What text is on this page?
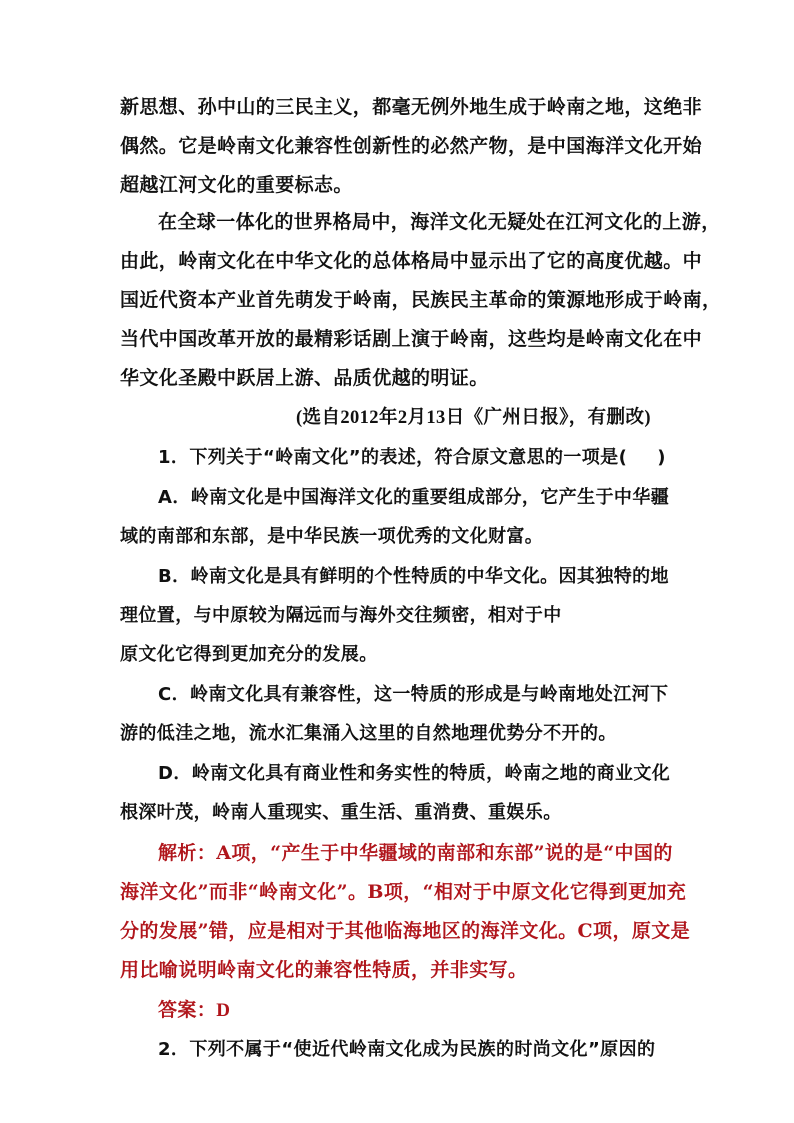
新思想、孙中山的三民主义，都毫无例外地生成于岭南之地，这绝非
偶然。它是岭南文化兼容性创新性的必然产物，是中国海洋文化开始
超越江河文化的重要标志。
在全球一体化的世界格局中，海洋文化无疑处在江河文化的上游，
由此，岭南文化在中华文化的总体格局中显示出了它的高度优越。中
国近代资本产业首先萌发于岭南，民族民主革命的策源地形成于岭南，
当代中国改革开放的最精彩话剧上演于岭南，这些均是岭南文化在中
华文化圣殿中跃居上游、品质优越的明证。
(选自2012年2月13日《广州日报》，有删改)
1．下列关于“岭南文化”的表述，符合原文意思的一项是( )
A．岭南文化是中国海洋文化的重要组成部分，它产生于中华疆
域的南部和东部，是中华民族一项优秀的文化财富。
B．岭南文化是具有鲜明的个性特质的中华文化。因其独特的地
理位置，与中原较为隔远而与海外交往频密，相对于中
原文化它得到更加充分的发展。
C．岭南文化具有兼容性，这一特质的形成是与岭南地处江河下
游的低洼之地，流水汇集涌入这里的自然地理优势分不开的。
D．岭南文化具有商业性和务实性的特质，岭南之地的商业文化
根深叶茂，岭南人重现实、重生活、重消费、重娱乐。
解析：A项，“产生于中华疆域的南部和东部”说的是“中国的
海洋文化”而非“岭南文化”。B项，“相对于中原文化它得到更加充
分的发展”错，应是相对于其他临海地区的海洋文化。C项，原文是
用比喻说明岭南文化的兼容性特质，并非实写。
答案：D
2．下列不属于“使近代岭南文化成为民族的时尚文化”原因的
